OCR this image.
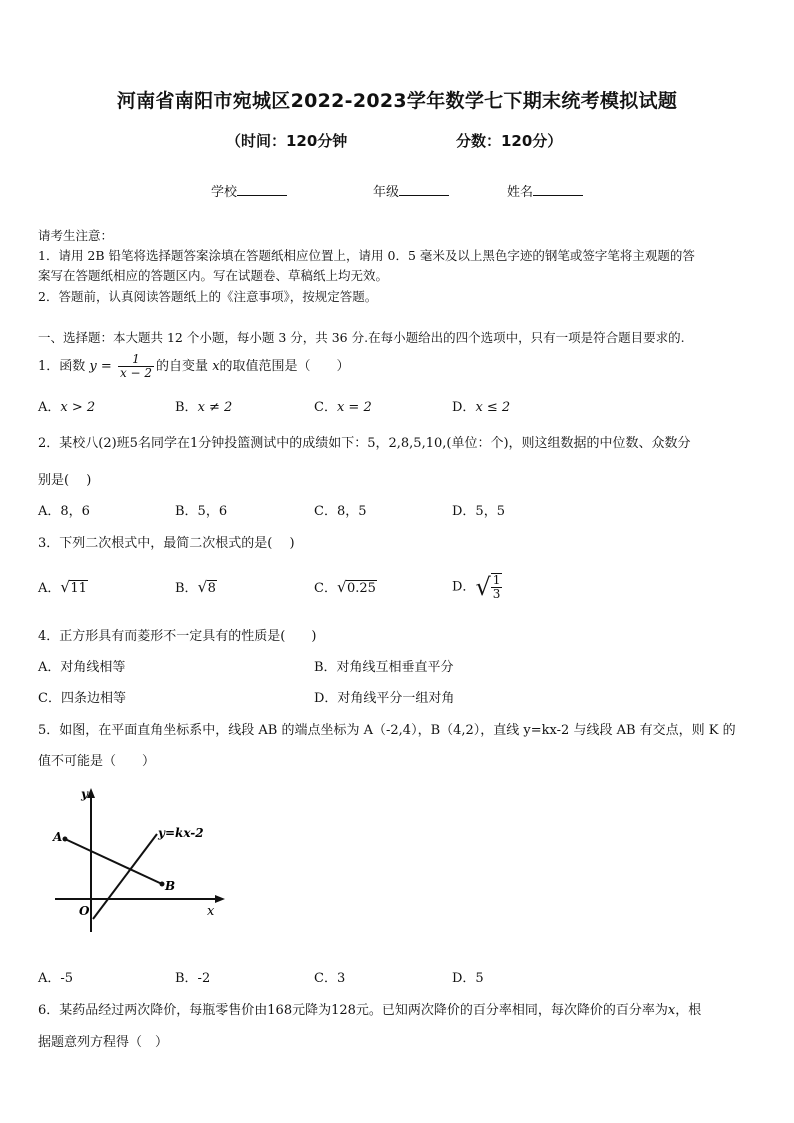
河南省南阳市宛城区2022-2023学年数学七下期末统考模拟试题
（时间：120分钟	分数：120分）
学校	年级	姓名
请考生注意：
1．请用 2B 铅笔将选择题答案涂填在答题纸相应位置上，请用 0．5 毫米及以上黑色字迹的钢笔或签字笔将主观题的答
案写在答题纸相应的答题区内。写在试题卷、草稿纸上均无效。
2．答题前，认真阅读答题纸上的《注意事项》，按规定答题。
一、选择题：本大题共 12 个小题，每小题 3 分，共 36 分.在每小题给出的四个选项中，只有一项是符合题目要求的.
1．函数 $y = \frac{1}{x - 2}$ 的自变量 x的取值范围是（　　）
A．x > 2	B．x ≠ 2	C．x = 2	D．x ≤ 2
2．某校八(2)班5名同学在1分钟投篮测试中的成绩如下：5，2,8,5,10,(单位：个)，则这组数据的中位数、众数分
别是(　 )
A．8，6	B．5，6	C．8，5	D．5，5
3．下列二次根式中，最简二次根式的是(　 )
A． √ 11	B． √ 8	C． √ 0.25	D．√ $\frac{1}{3}$
4．正方形具有而菱形不一定具有的性质是(　　)
A．对角线相等	B．对角线互相垂直平分
C．四条边相等	D．对角线平分一组对角
5．如图，在平面直角坐标系中，线段 AB 的端点坐标为 A（-2,4），B（4,2），直线 y=kx-2 与线段 AB 有交点，则 K 的
值不可能是（　　）
y
x
O
A
B
y=kx-2
A．-5	B．-2	C．3	D．5
6．某药品经过两次降价，每瓶零售价由168元降为128元。已知两次降价的百分率相同，每次降价的百分率为x，根
据题意列方程得（　）
